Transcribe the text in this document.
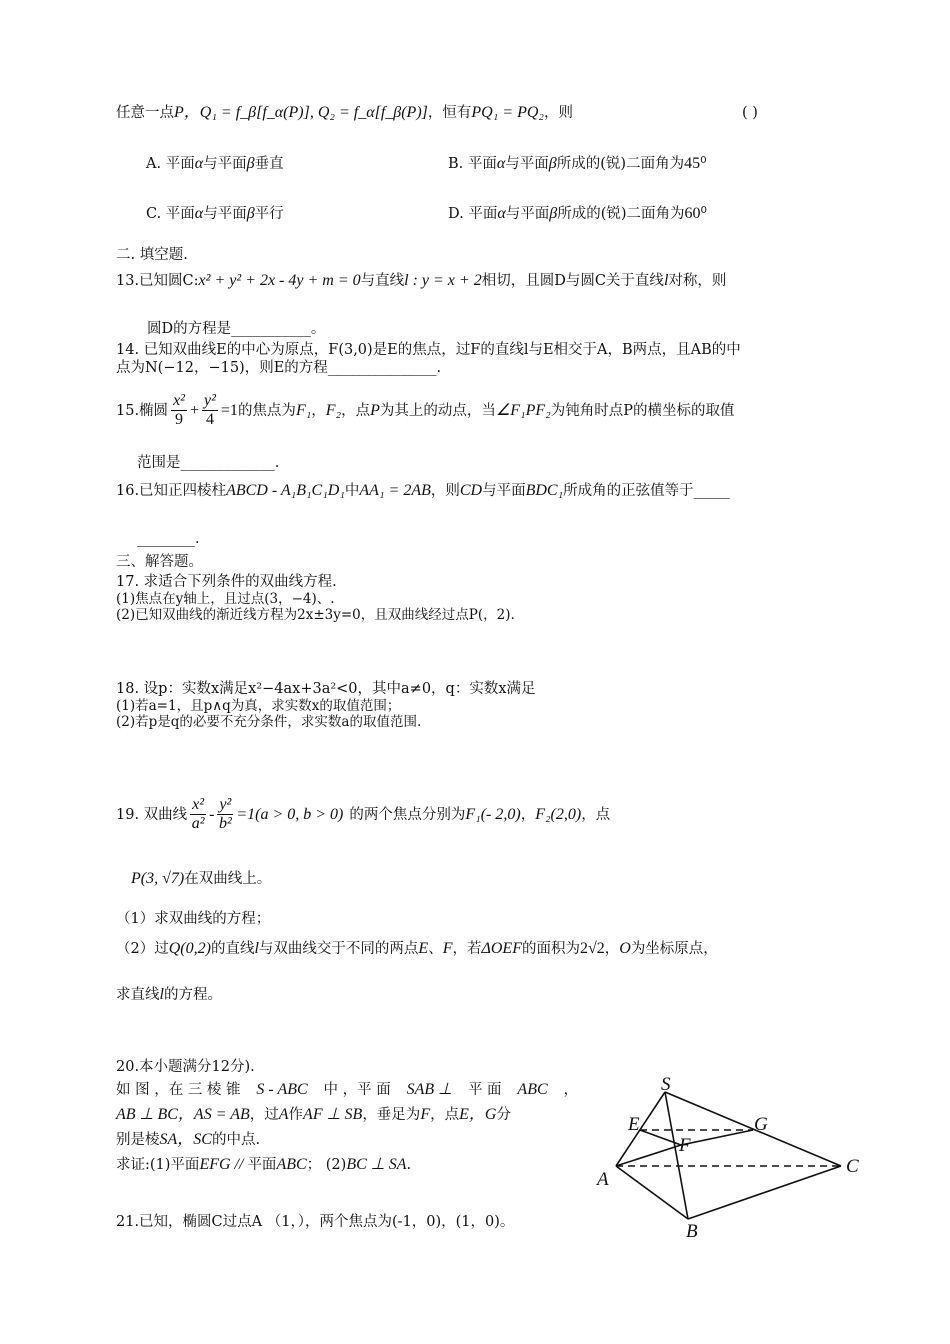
任意一点P，Q₁ = f_β[f_α(P)], Q₂ = f_α[f_β(P)]，恒有PQ₁ = PQ₂，则	( )
A. 平面α与平面β垂直	B. 平面α与平面β所成的(锐)二面角为45⁰
C. 平面α与平面β平行	D. 平面α与平面β所成的(锐)二面角为60⁰
二. 填空题.
13.已知圆C:x² + y² + 2x - 4y + m = 0与直线l : y = x + 2相切，且圆D与圆C关于直线l对称，则
圆D的方程是___________。
14. 已知双曲线E的中心为原点，F(3,0)是E的焦点，过F的直线l与E相交于A，B两点，且AB的中
点为N(−12，−15)，则E的方程_______________.
15.椭圆 $\frac{\text{x²}}{9} + \frac{\text{y²}}{4} =1$ 的焦点为 F₁ ， F₂ ，点 P 为其上的动点，当 ∠F₁PF₂ 为钝角时点P的横坐标的取值
范围是_____________.
16.已知正四棱柱ABCD - A₁B₁C₁D₁中AA₁ = 2AB，则CD与平面BDC₁所成角的正弦值等于_____
________.
三、解答题。
17. 求适合下列条件的双曲线方程.
(1)焦点在y轴上，且过点(3，−4)、.
(2)已知双曲线的渐近线方程为2x±3y=0，且双曲线经过点P(，2).
18. 设p：实数x满足x²−4ax+3a²<0，其中a≠0，q：实数x满足
(1)若a=1，且p∧q为真，求实数x的取值范围；
(2)若p是q的必要不充分条件，求实数a的取值范围.
19. 双曲线 $\frac{\text{x²}}{\text{a²}} - \frac{\text{y²}}{\text{b²}} =1(a > 0$, b > 0) 的两个焦点分别为 F₁(- 2,0) ， F₂(2,0) ，点
P(3, √7)在双曲线上。
（1）求双曲线的方程；
（2）过Q(0,2)的直线l与双曲线交于不同的两点E、F，若ΔOEF的面积为2√2，O为坐标原点，
求直线l的方程。
20.本小题满分12分).
如 图 ，在 三 棱 锥 S - ABC 中 ，平 面 SAB ⊥ 平 面 ABC ，
AB ⊥ BC，AS = AB，过A作AF ⊥ SB，垂足为F，点E，G分
别是棱SA，SC的中点.
求证:(1)平面EFG // 平面ABC； (2)BC ⊥ SA.
S
E	G
F
A
C
B
21.已知，椭圆C过点A （1，），两个焦点为(-1，0)，(1，0)。
